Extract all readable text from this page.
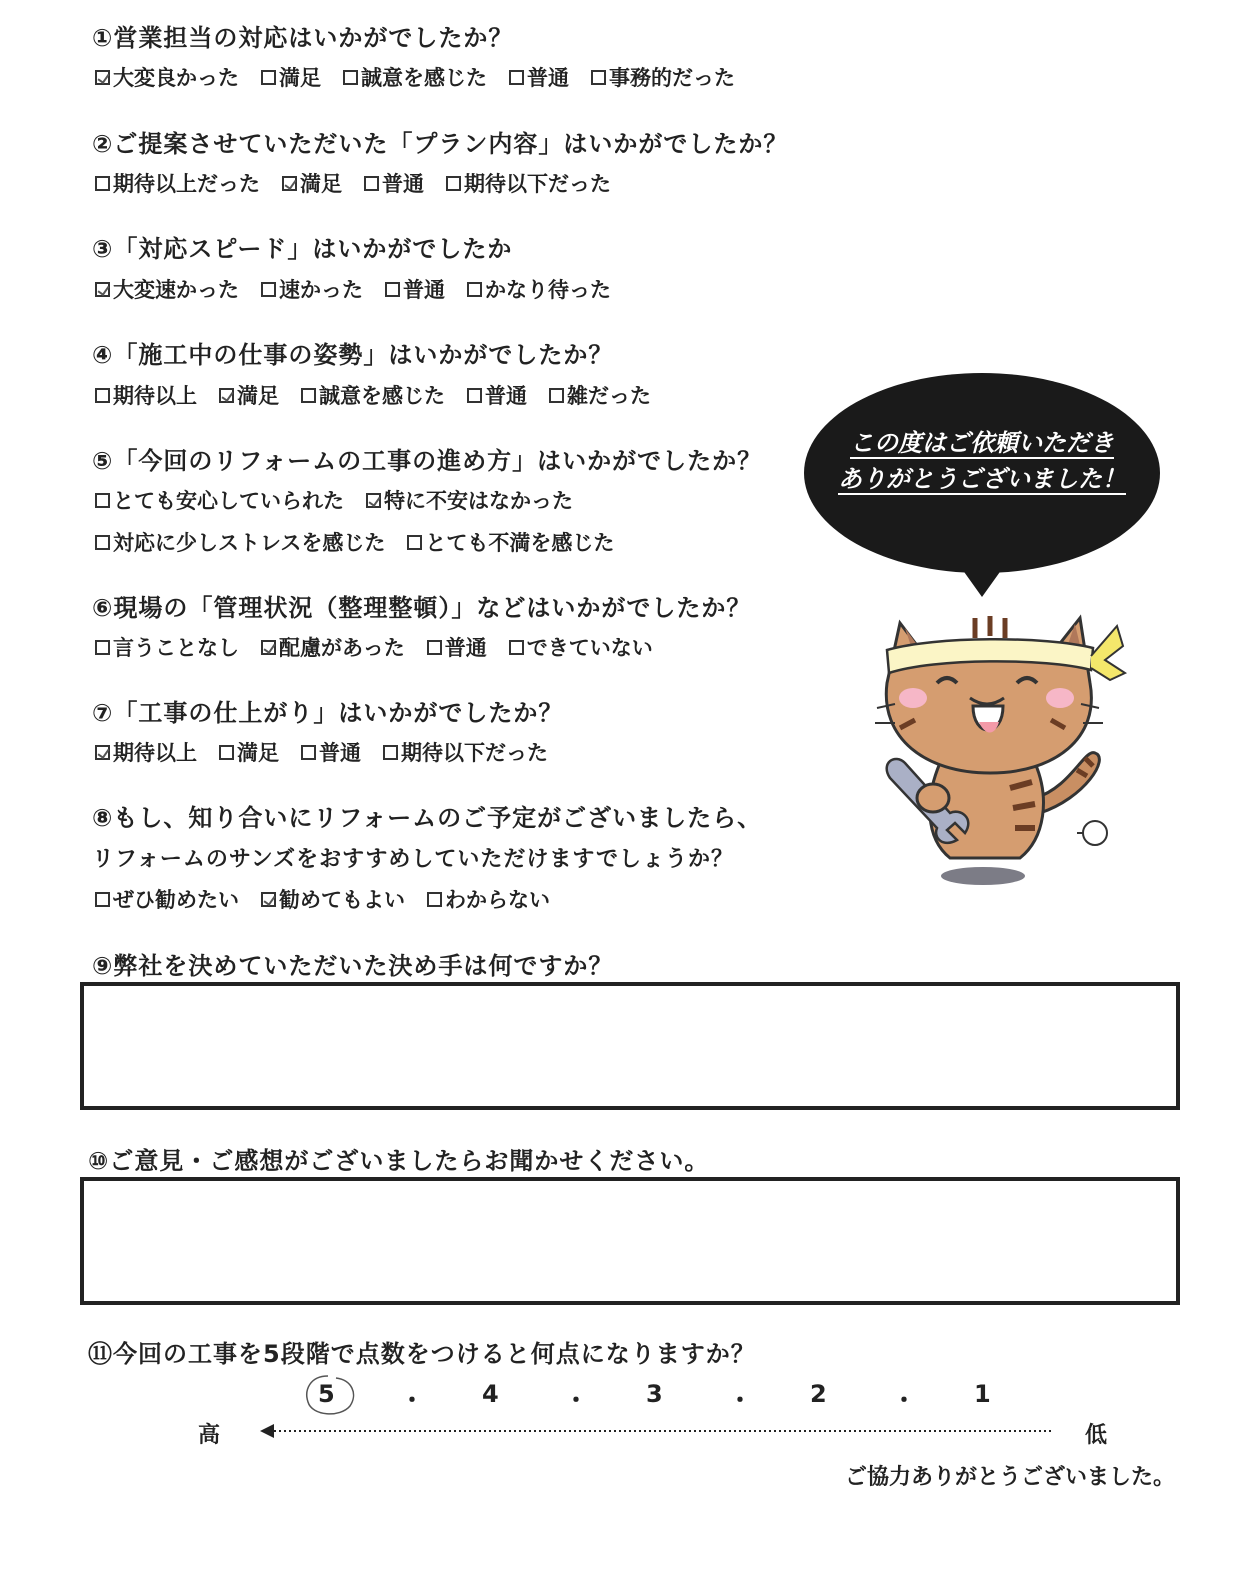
①営業担当の対応はいかがでしたか？
大変良かった 満足 誠意を感じた 普通 事務的だった
②ご提案させていただいた「プラン内容」はいかがでしたか？
期待以上だった 満足 普通 期待以下だった
③「対応スピード」はいかがでしたか
大変速かった 速かった 普通 かなり待った
④「施工中の仕事の姿勢」はいかがでしたか？
期待以上 満足 誠意を感じた 普通 雑だった
⑤「今回のリフォームの工事の進め方」はいかがでしたか？
とても安心していられた 特に不安はなかった
対応に少しストレスを感じた とても不満を感じた
⑥現場の「管理状況（整理整頓）」などはいかがでしたか？
言うことなし 配慮があった 普通 できていない
⑦「工事の仕上がり」はいかがでしたか？
期待以上 満足 普通 期待以下だった
⑧もし、知り合いにリフォームのご予定がございましたら、
リフォームのサンズをおすすめしていただけますでしょうか？
ぜひ勧めたい 勧めてもよい わからない
⑨弊社を決めていただいた決め手は何ですか？
⑩ご意見・ご感想がございましたらお聞かせください。
⑪今回の工事を5段階で点数をつけると何点になりますか？
5	・ 4	・ 3	・ 2	・ 1
高	低
ご協力ありがとうございました。
この度はご依頼いただき
ありがとうございました！
